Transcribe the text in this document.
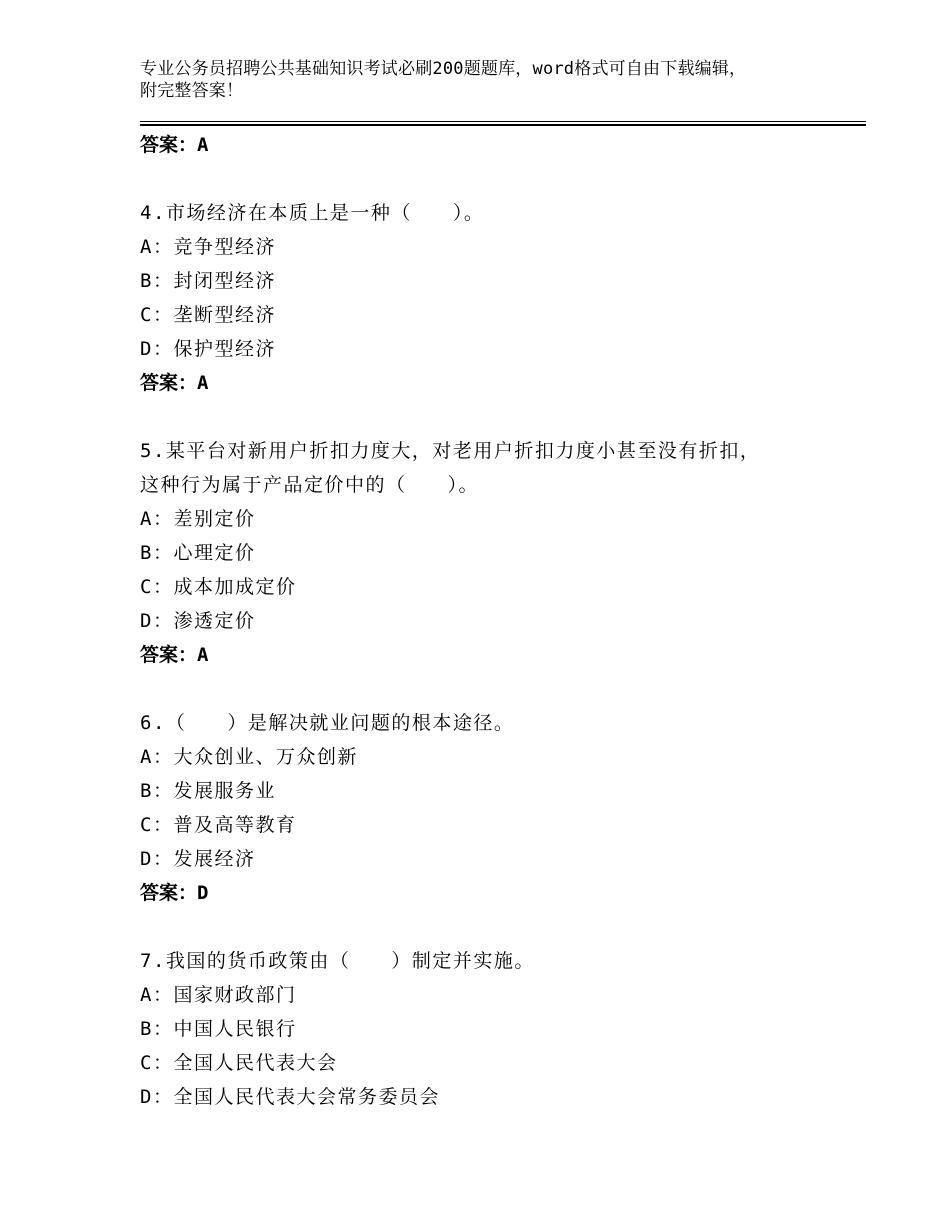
专业公务员招聘公共基础知识考试必刷200题题库，word格式可自由下载编辑，
附完整答案！
答案：A
4.市场经济在本质上是一种（　　）。
A：竞争型经济
B：封闭型经济
C：垄断型经济
D：保护型经济
答案：A
5.某平台对新用户折扣力度大，对老用户折扣力度小甚至没有折扣，
这种行为属于产品定价中的（　　）。
A：差别定价
B：心理定价
C：成本加成定价
D：渗透定价
答案：A
6.（　　）是解决就业问题的根本途径。
A：大众创业、万众创新
B：发展服务业
C：普及高等教育
D：发展经济
答案：D
7.我国的货币政策由（　　）制定并实施。
A：国家财政部门
B：中国人民银行
C：全国人民代表大会
D：全国人民代表大会常务委员会
